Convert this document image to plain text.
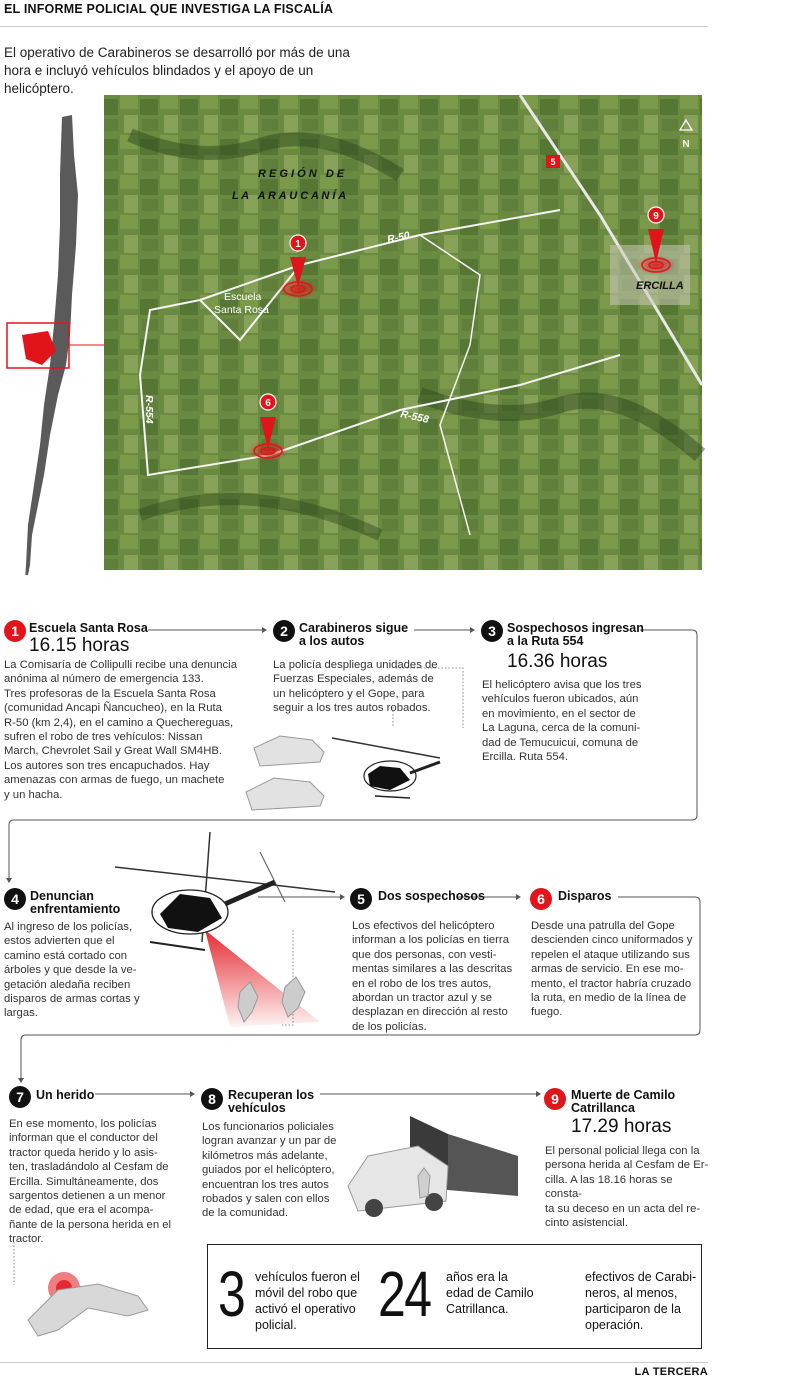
EL INFORME POLICIAL QUE INVESTIGA LA FISCALÍA
El operativo de Carabineros se desarrolló por más de una hora e incluyó vehículos blindados y el apoyo de un helicóptero.
R E G I Ó N   D E
L A   A R A U C A N Í A
R-50
R-554	R-558
Escuela
Santa Rosa
ERCILLA
5
N
1
6
9
1 Escuela Santa Rosa
16.15 horas
La Comisaría de Collipulli recibe una denuncia
anónima al número de emergencia 133.
Tres profesoras de la Escuela Santa Rosa
(comunidad Ancapi Ñancucheo), en la Ruta
R-50 (km 2,4), en el camino a Quechereguas,
sufren el robo de tres vehículos: Nissan
March, Chevrolet Sail y Great Wall SM4HB.
Los autores son tres encapuchados. Hay
amenazas con armas de fuego, un machete
y un hacha.
2 Carabineros sigue
a los autos
La policía despliega unidades de
Fuerzas Especiales, además de
un helicóptero y el Gope, para
seguir a los tres autos robados.
3 Sospechosos ingresan
a la Ruta 554
16.36 horas
El helicóptero avisa que los tres
vehículos fueron ubicados, aún
en movimiento, en el sector de
La Laguna, cerca de la comuni-
dad de Temucuicui, comuna de
Ercilla. Ruta 554.
4 Denuncian
enfrentamiento
Al ingreso de los policías,
estos advierten que el
camino está cortado con
árboles y que desde la ve-
getación aledaña reciben
disparos de armas cortas y
largas.
5	Dos sospechosos
Los efectivos del helicóptero
informan a los policías en tierra
que dos personas, con vesti-
mentas similares a las descritas
en el robo de los tres autos,
abordan un tractor azul y se
desplazan en dirección al resto
de los policías.
6	Disparos
Desde una patrulla del Gope
descienden cinco uniformados y
repelen el ataque utilizando sus
armas de servicio. En ese mo-
mento, el tractor habría cruzado
la ruta, en medio de la línea de
fuego.
7 Un herido
En ese momento, los policías
informan que el conductor del
tractor queda herido y lo asis-
ten, trasladándolo al Cesfam de
Ercilla. Simultáneamente, dos
sargentos detienen a un menor
de edad, que era el acompa-
ñante de la persona herida en el
tractor.
8 Recuperan los
vehículos
Los funcionarios policiales
logran avanzar y un par de
kilómetros más adelante,
guiados por el helicóptero,
encuentran los tres autos
robados y salen con ellos
de la comunidad.
9 Muerte de Camilo
Catrillanca
17.29 horas
El personal policial llega con la
persona herida al Cesfam de Er-
cilla. A las 18.16 horas se consta-
ta su deceso en un acta del re-
cinto asistencial.
3 vehículos fueron el
móvil del robo que
activó el operativo
policial.	24 años era la
edad de Camilo
Catrillanca.
efectivos de Carabi-
neros, al menos,
participaron de la
operación.
LA TERCERA
